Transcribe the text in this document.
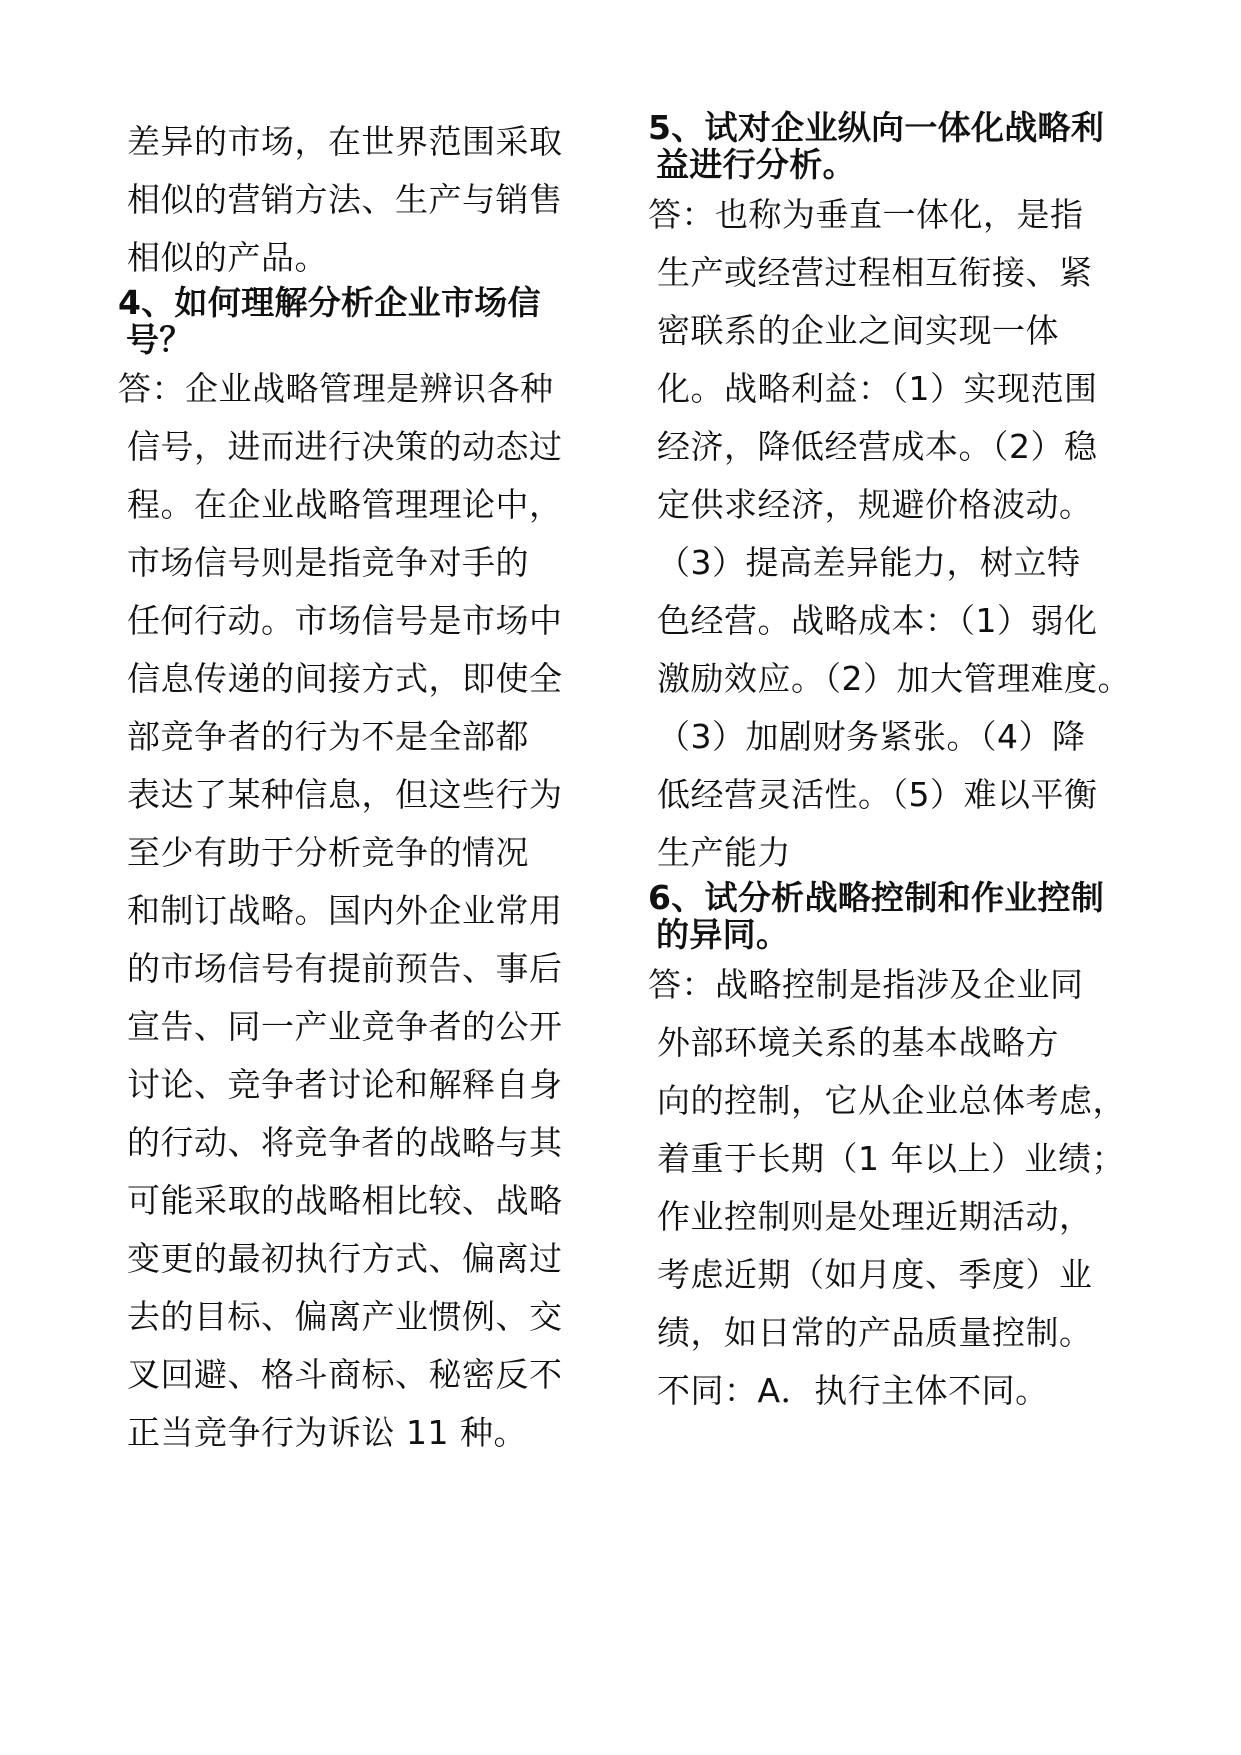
差异的市场，在世界范围采取
相似的营销方法、生产与销售
相似的产品。
4、如何理解分析企业市场信
号？
答：企业战略管理是辨识各种
信号，进而进行决策的动态过
程。在企业战略管理理论中，
市场信号则是指竞争对手的
任何行动。市场信号是市场中
信息传递的间接方式，即使全
部竞争者的行为不是全部都
表达了某种信息，但这些行为
至少有助于分析竞争的情况
和制订战略。国内外企业常用
的市场信号有提前预告、事后
宣告、同一产业竞争者的公开
讨论、竞争者讨论和解释自身
的行动、将竞争者的战略与其
可能采取的战略相比较、战略
变更的最初执行方式、偏离过
去的目标、偏离产业惯例、交
叉回避、格斗商标、秘密反不
正当竞争行为诉讼 11 种。
5、试对企业纵向一体化战略利
益进行分析。
答：也称为垂直一体化，是指
生产或经营过程相互衔接、紧
密联系的企业之间实现一体
化。战略利益：（1）实现范围
经济，降低经营成本。（2）稳
定供求经济，规避价格波动。
（3）提高差异能力，树立特
色经营。战略成本：（1）弱化
激励效应。（2）加大管理难度。
（3）加剧财务紧张。（4）降
低经营灵活性。（5）难以平衡
生产能力
6、试分析战略控制和作业控制
的异同。
答：战略控制是指涉及企业同
外部环境关系的基本战略方
向的控制，它从企业总体考虑，
着重于长期（1 年以上）业绩；
作业控制则是处理近期活动，
考虑近期（如月度、季度）业
绩，如日常的产品质量控制。
不同：A．执行主体不同。
